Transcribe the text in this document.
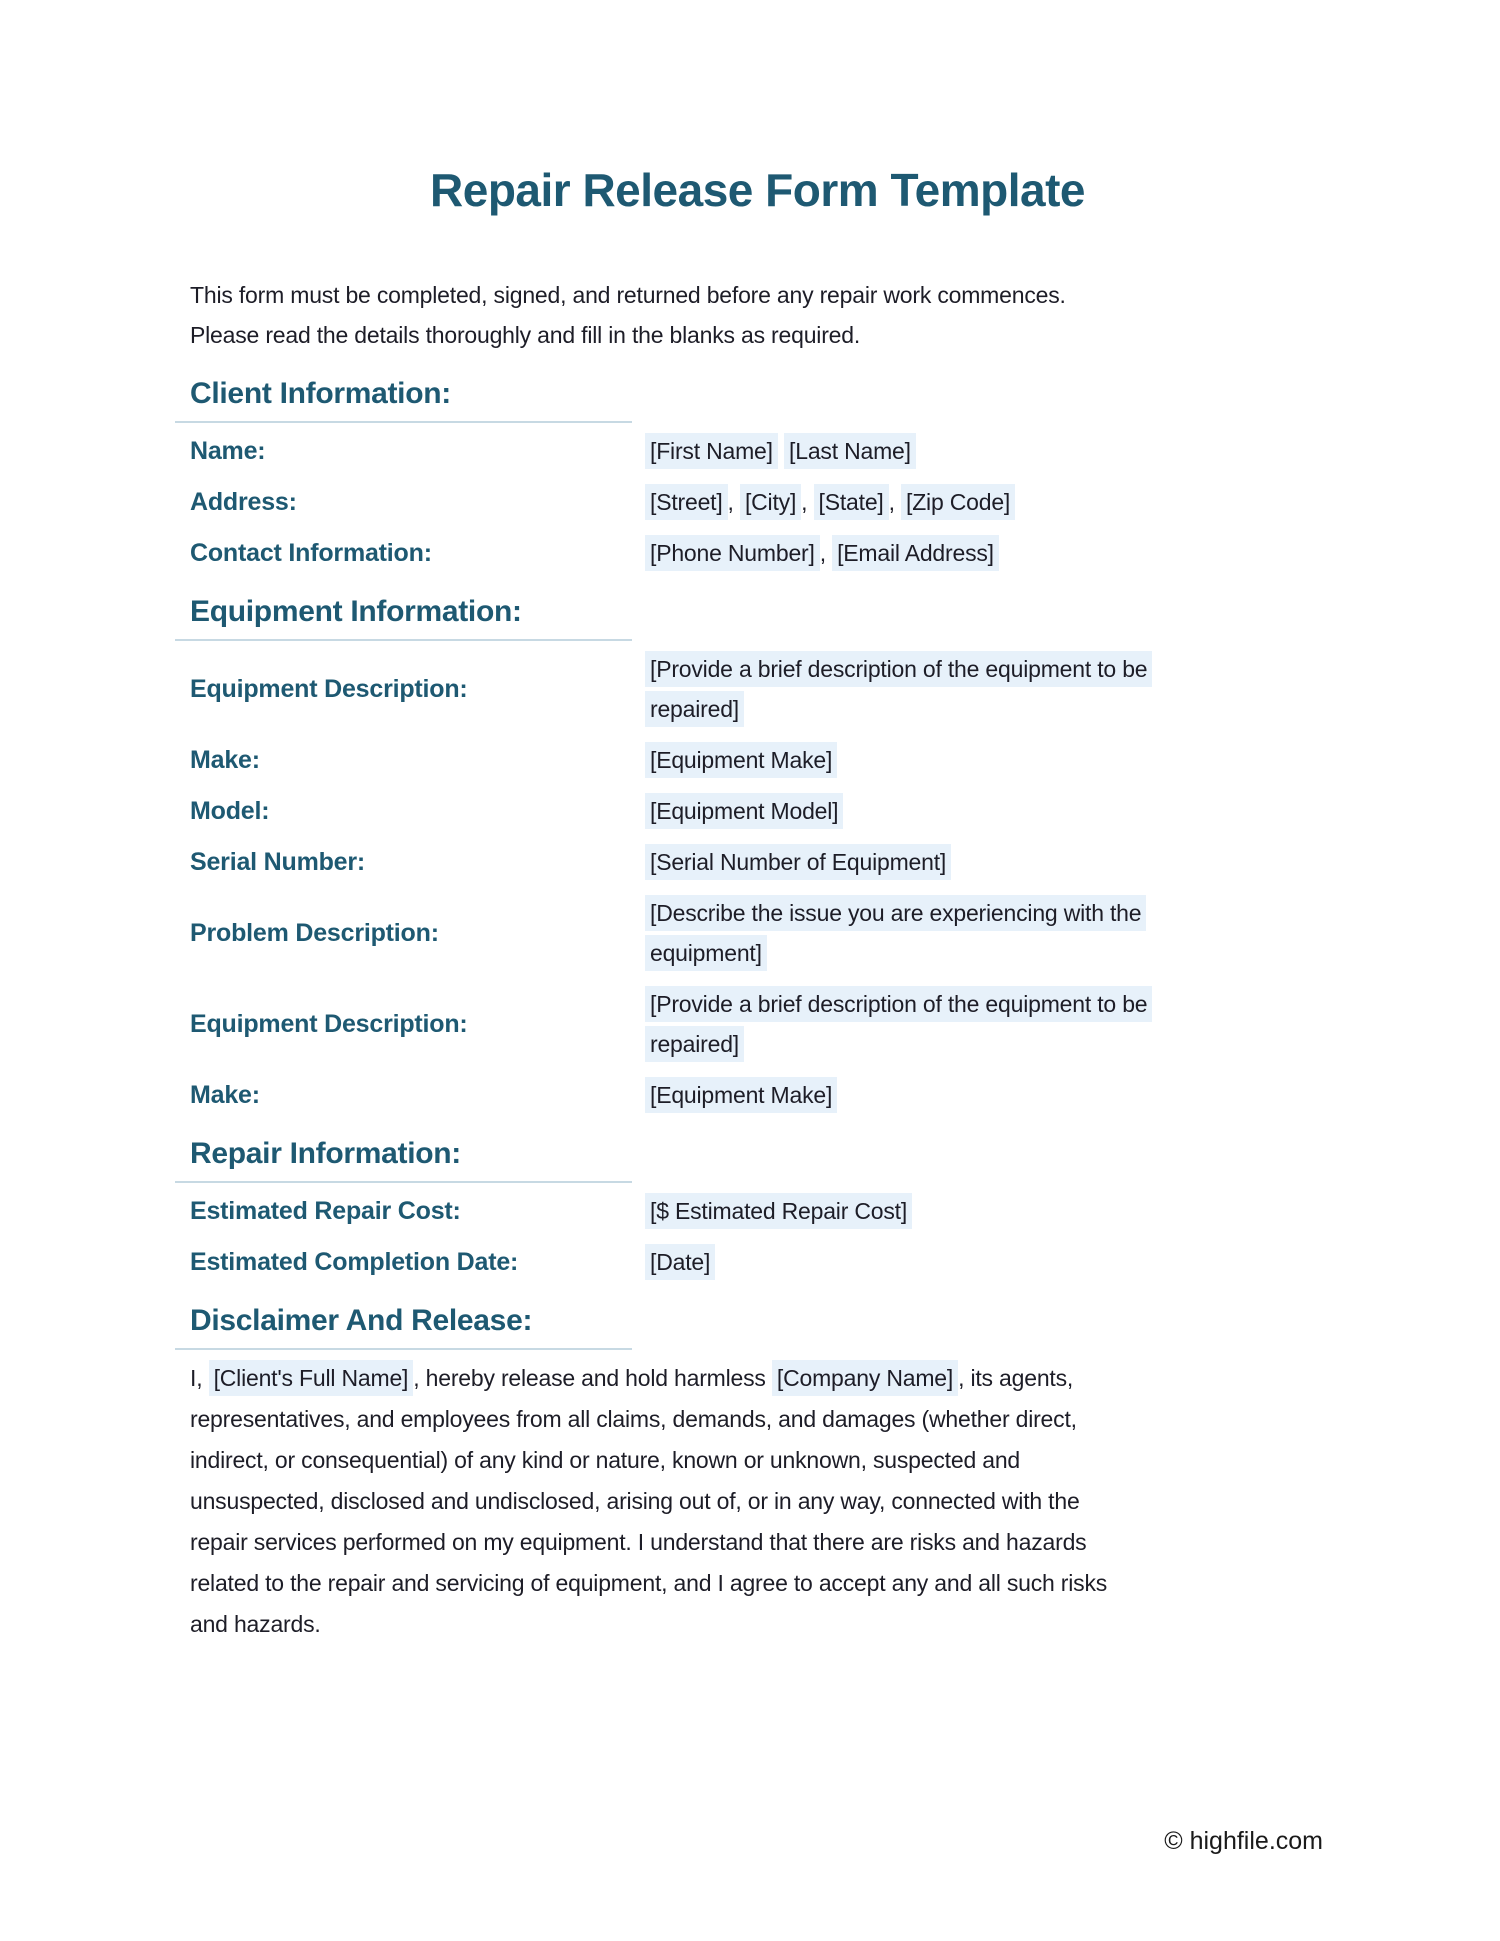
Repair Release Form Template

This form must be completed, signed, and returned before any repair work commences.
Please read the details thoroughly and fill in the blanks as required.

Client Information:
Name:	[First Name] [Last Name]
Address:	[Street] , [City] , [State] , [Zip Code]
Contact Information:	[Phone Number] , [Email Address]
Equipment Information:
Equipment Description:
[Provide a brief description of the equipment to be
repaired]
Make:	[Equipment Make]
Model:	[Equipment Model]
Serial Number:	[Serial Number of Equipment]
Problem Description:
[Describe the issue you are experiencing with the
equipment]
Equipment Description:
[Provide a brief description of the equipment to be
repaired]
Make:	[Equipment Make]
Repair Information:
Estimated Repair Cost:	[$ Estimated Repair Cost]
Estimated Completion Date:	[Date]
Disclaimer And Release:
I, [Client's Full Name] , hereby release and hold harmless [Company Name] , its agents,
representatives, and employees from all claims, demands, and damages (whether direct,
indirect, or consequential) of any kind or nature, known or unknown, suspected and
unsuspected, disclosed and undisclosed, arising out of, or in any way, connected with the
repair services performed on my equipment. I understand that there are risks and hazards
related to the repair and servicing of equipment, and I agree to accept any and all such risks
and hazards.
© highfile.com
